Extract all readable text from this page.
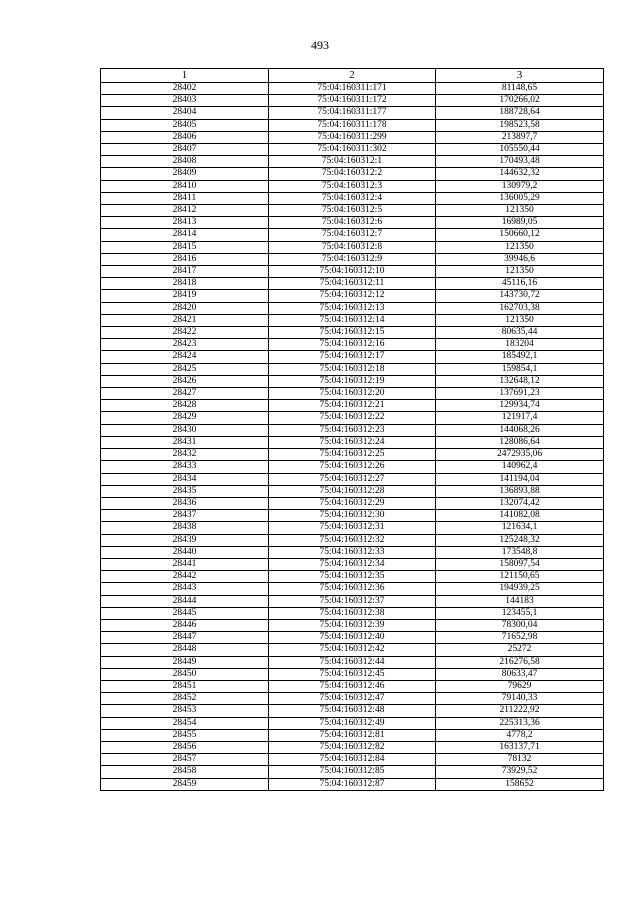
493
1	2	3
28402	75:04:160311:171	81148,65
28403	75:04:160311:172	170266,02
28404	75:04:160311:177	188728,64
28405	75:04:160311:178	198523,58
28406	75:04:160311:299	213897,7
28407	75:04:160311:302	105550,44
28408	75:04:160312:1	170493,48
28409	75:04:160312:2	144632,32
28410	75:04:160312:3	130979,2
28411	75:04:160312:4	136005,29
28412	75:04:160312:5	121350
28413	75:04:160312:6	16989,05
28414	75:04:160312:7	150660,12
28415	75:04:160312:8	121350
28416	75:04:160312:9	39946,6
28417	75:04:160312:10	121350
28418	75:04:160312:11	45116,16
28419	75:04:160312:12	143730,72
28420	75:04:160312:13	162703,38
28421	75:04:160312:14	121350
28422	75:04:160312:15	80635,44
28423	75:04:160312:16	183204
28424	75:04:160312:17	185492,1
28425	75:04:160312:18	159854,1
28426	75:04:160312:19	132648,12
28427	75:04:160312:20	137691,23
28428	75:04:160312:21	129934,74
28429	75:04:160312:22	121917,4
28430	75:04:160312:23	144068,26
28431	75:04:160312:24	128086,64
28432	75:04:160312:25	2472935,06
28433	75:04:160312:26	140962,4
28434	75:04:160312:27	141194,04
28435	75:04:160312:28	136893,88
28436	75:04:160312:29	132074,42
28437	75:04:160312:30	141082,08
28438	75:04:160312:31	121634,1
28439	75:04:160312:32	125248,32
28440	75:04:160312:33	173548,8
28441	75:04:160312:34	158097,54
28442	75:04:160312:35	121150,65
28443	75:04:160312:36	194939,25
28444	75:04:160312:37	144183
28445	75:04:160312:38	123455,1
28446	75:04:160312:39	78300,04
28447	75:04:160312:40	71652,98
28448	75:04:160312:42	25272
28449	75:04:160312:44	216276,58
28450	75:04:160312:45	80633,47
28451	75:04:160312:46	79629
28452	75:04:160312:47	79140,33
28453	75:04:160312:48	211222,92
28454	75:04:160312:49	225313,36
28455	75:04:160312:81	4778,2
28456	75:04:160312:82	163137,71
28457	75:04:160312:84	78132
28458	75:04:160312:85	73929,52
28459	75:04:160312:87	158652
